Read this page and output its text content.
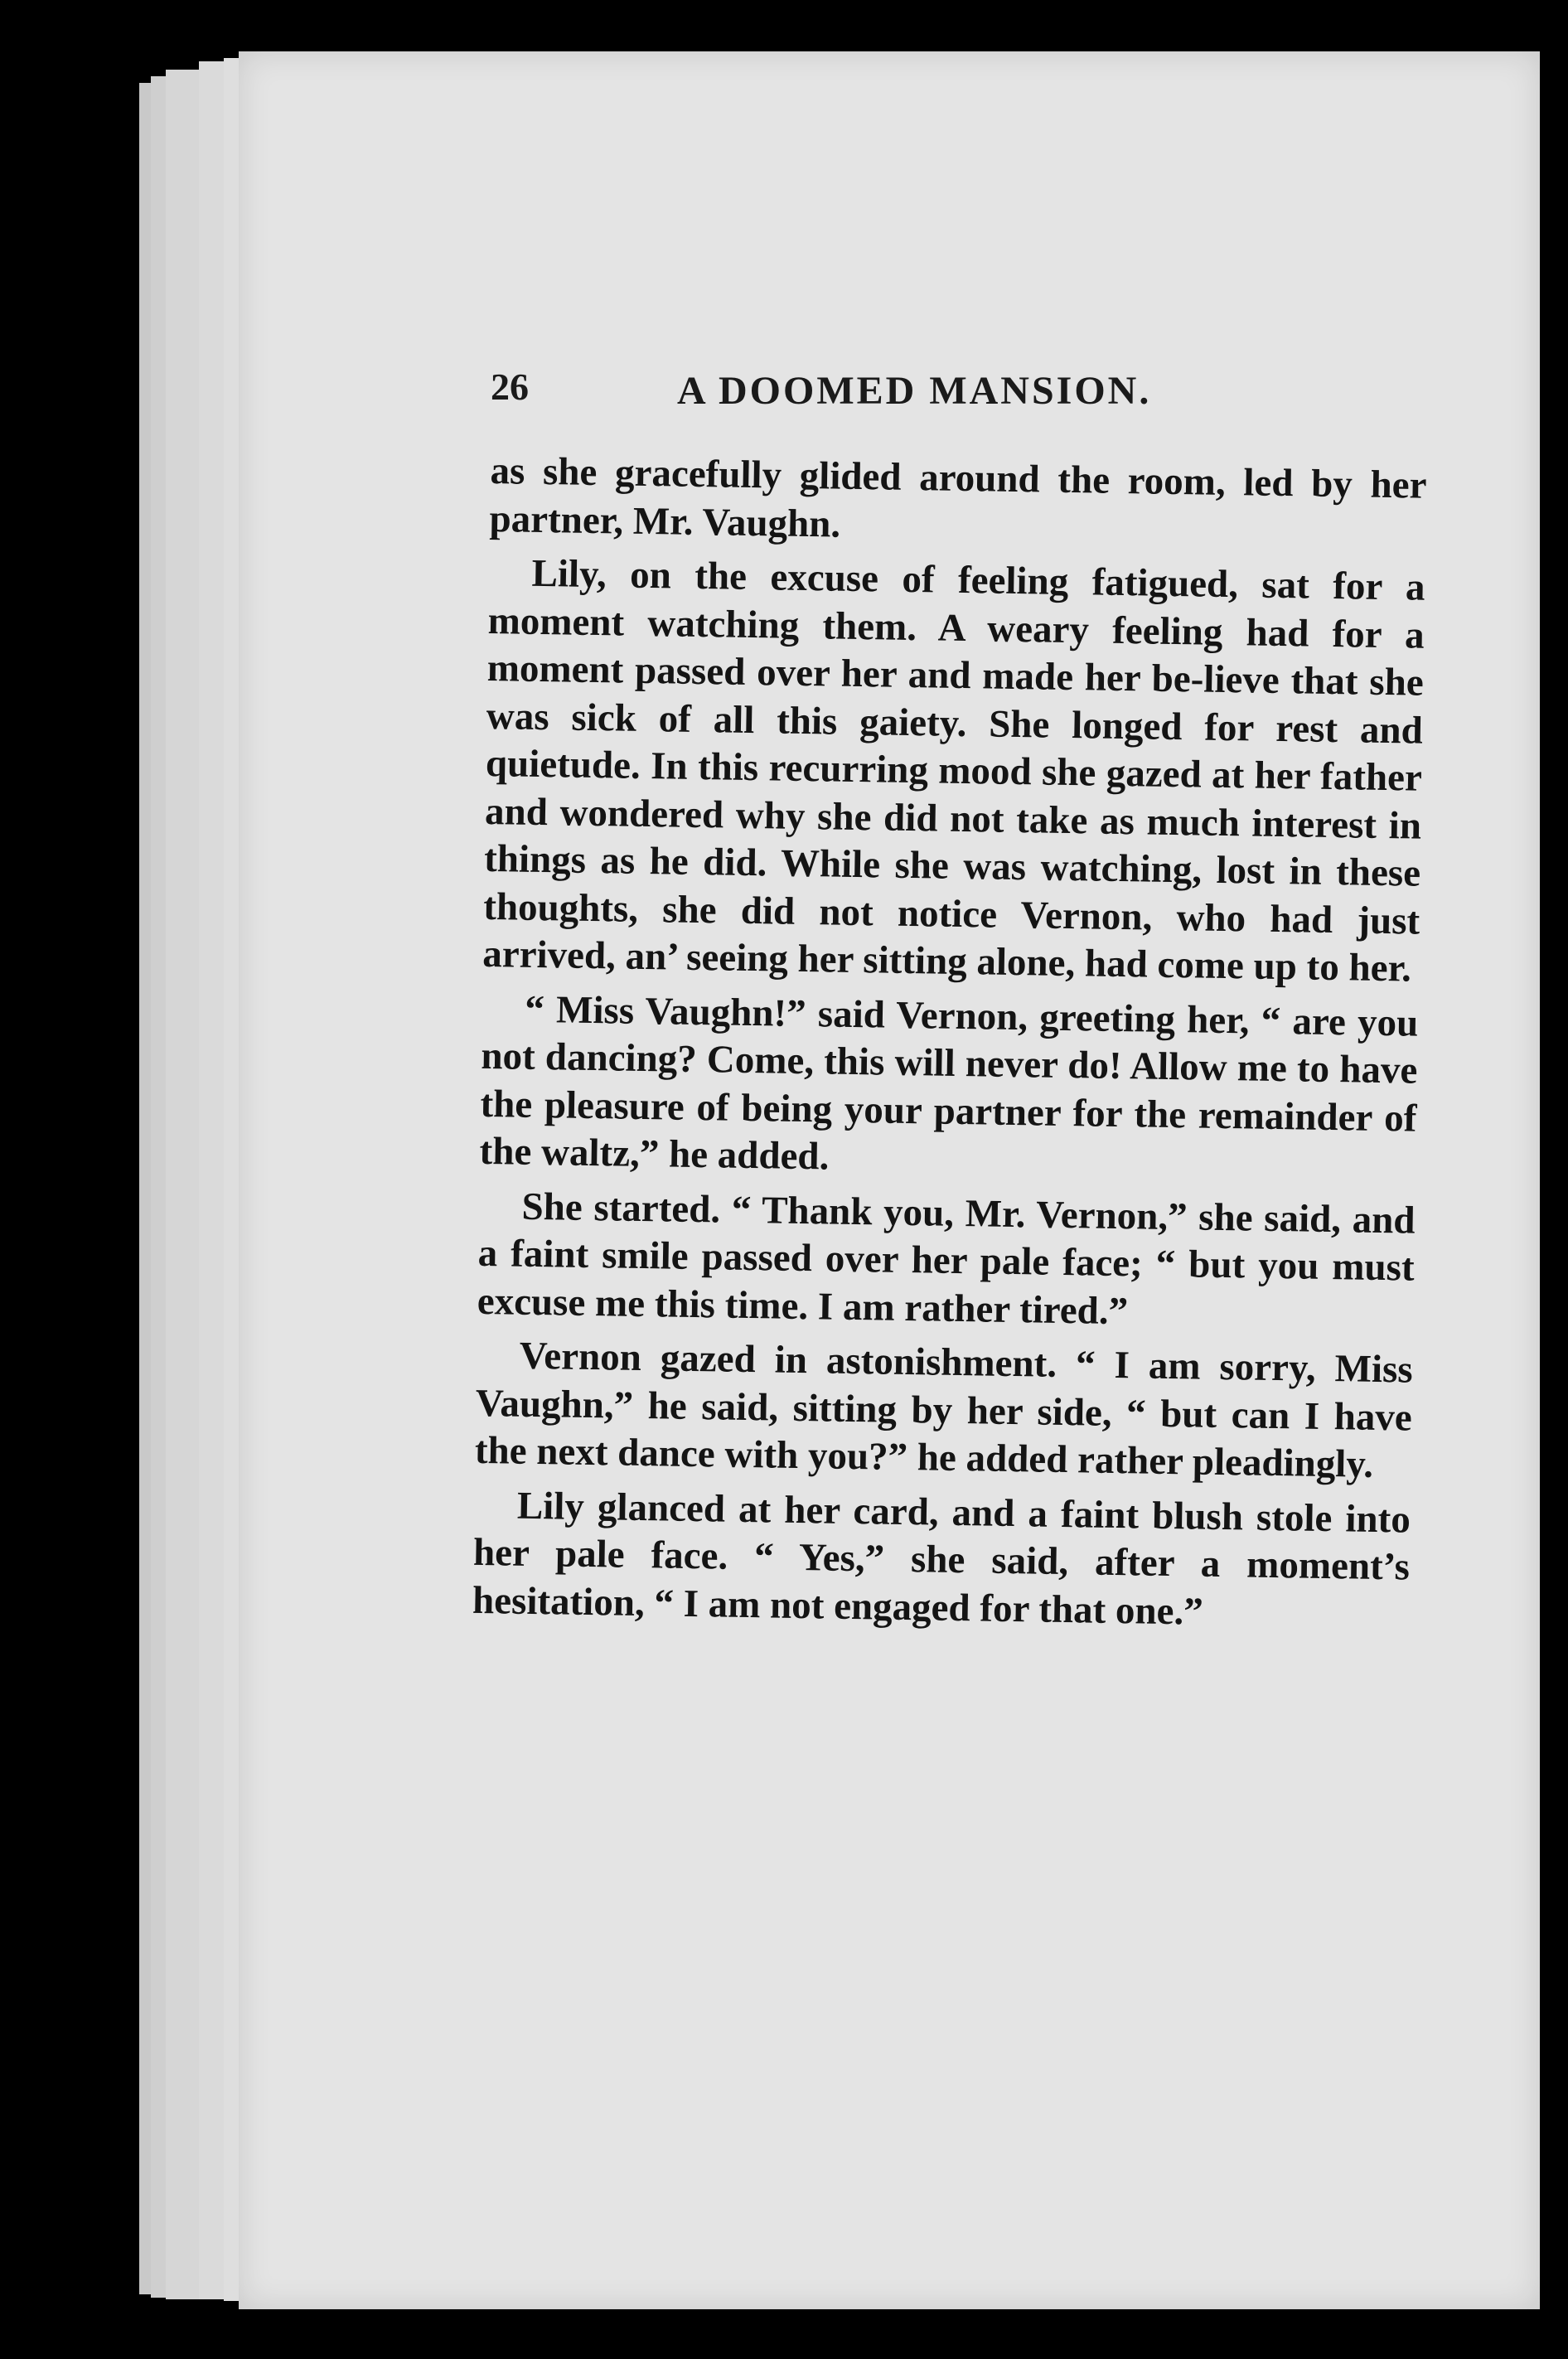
26	A DOOMED MANSION.

as she gracefully glided around the room, led by her partner, Mr. Vaughn.

Lily, on the excuse of feeling fatigued, sat for a moment watching them. A weary feeling had for a moment passed over her and made her be-lieve that she was sick of all this gaiety. She longed for rest and quietude. In this recurring mood she gazed at her father and wondered why she did not take as much interest in things as he did. While she was watching, lost in these thoughts, she did not notice Vernon, who had just arrived, an’ seeing her sitting alone, had come up to her.

“ Miss Vaughn!” said Vernon, greeting her, “ are you not dancing? Come, this will never do! Allow me to have the pleasure of being your partner for the remainder of the waltz,” he added.

She started. “ Thank you, Mr. Vernon,” she said, and a faint smile passed over her pale face; “ but you must excuse me this time. I am rather tired.”

Vernon gazed in astonishment. “ I am sorry, Miss Vaughn,” he said, sitting by her side, “ but can I have the next dance with you?” he added rather pleadingly.

Lily glanced at her card, and a faint blush stole into her pale face. “ Yes,” she said, after a moment’s hesitation, “ I am not engaged for that one.”
